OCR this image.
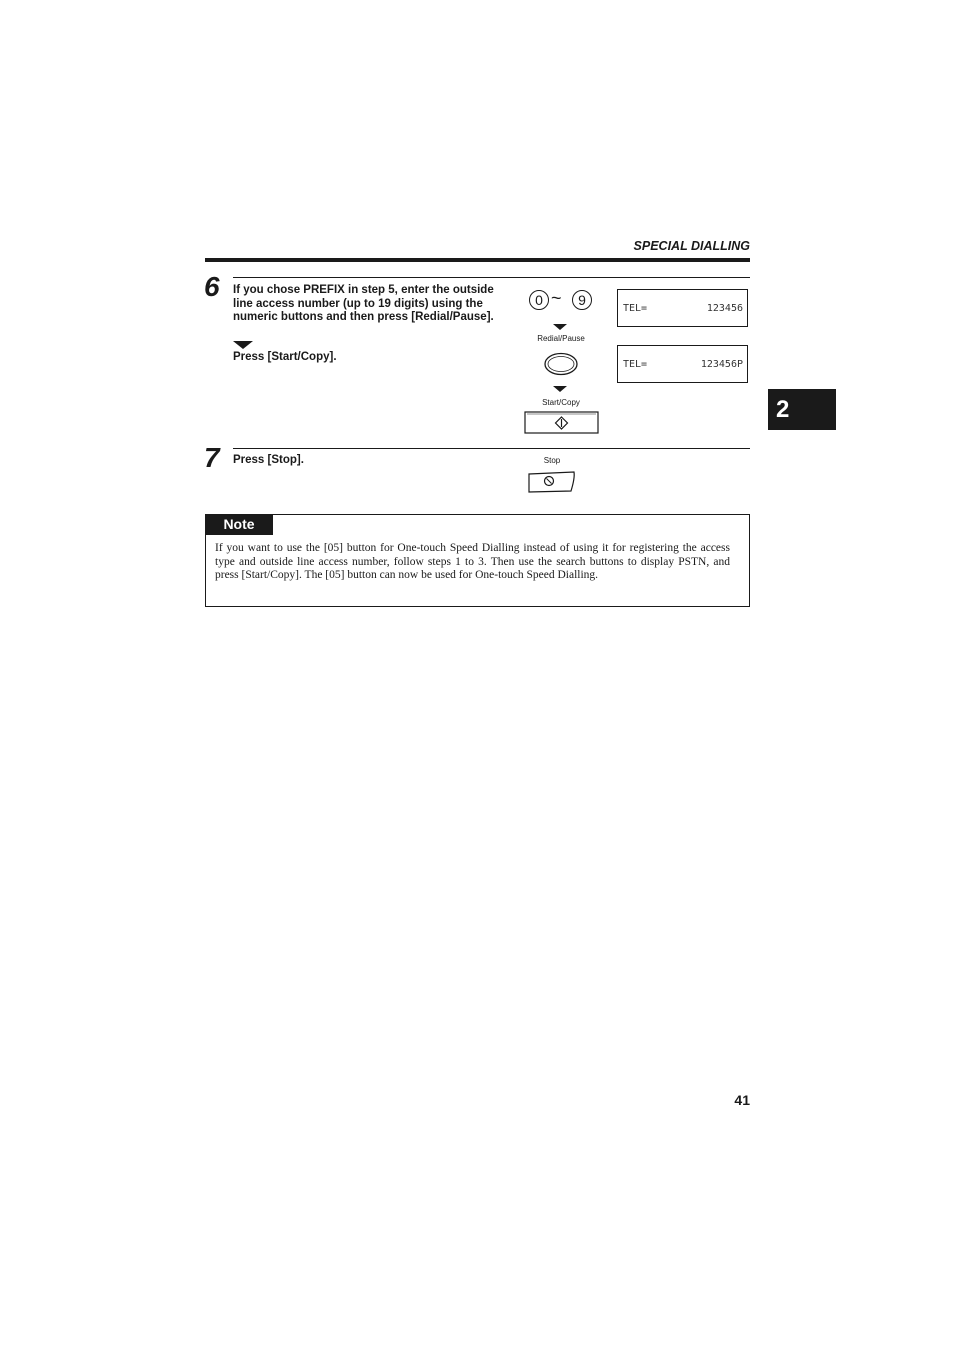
SPECIAL DIALLING
2
6 If you chose PREFIX in step 5, enter the outside line access number (up to 19 digits) using the numeric buttons and then press [Redial/Pause].
Press [Start/Copy].
0 ~	9
Redial/Pause
Start/Copy
TEL=	123456
TEL=	123456P
7 Press [Stop].	Stop
Note
If you want to use the [05] button for One-touch Speed Dialling instead of using it for registering the access type and outside line access number, follow steps 1 to 3. Then use the search buttons to display PSTN, and press [Start/Copy]. The [05] button can now be used for One-touch Speed Dialling.
41
